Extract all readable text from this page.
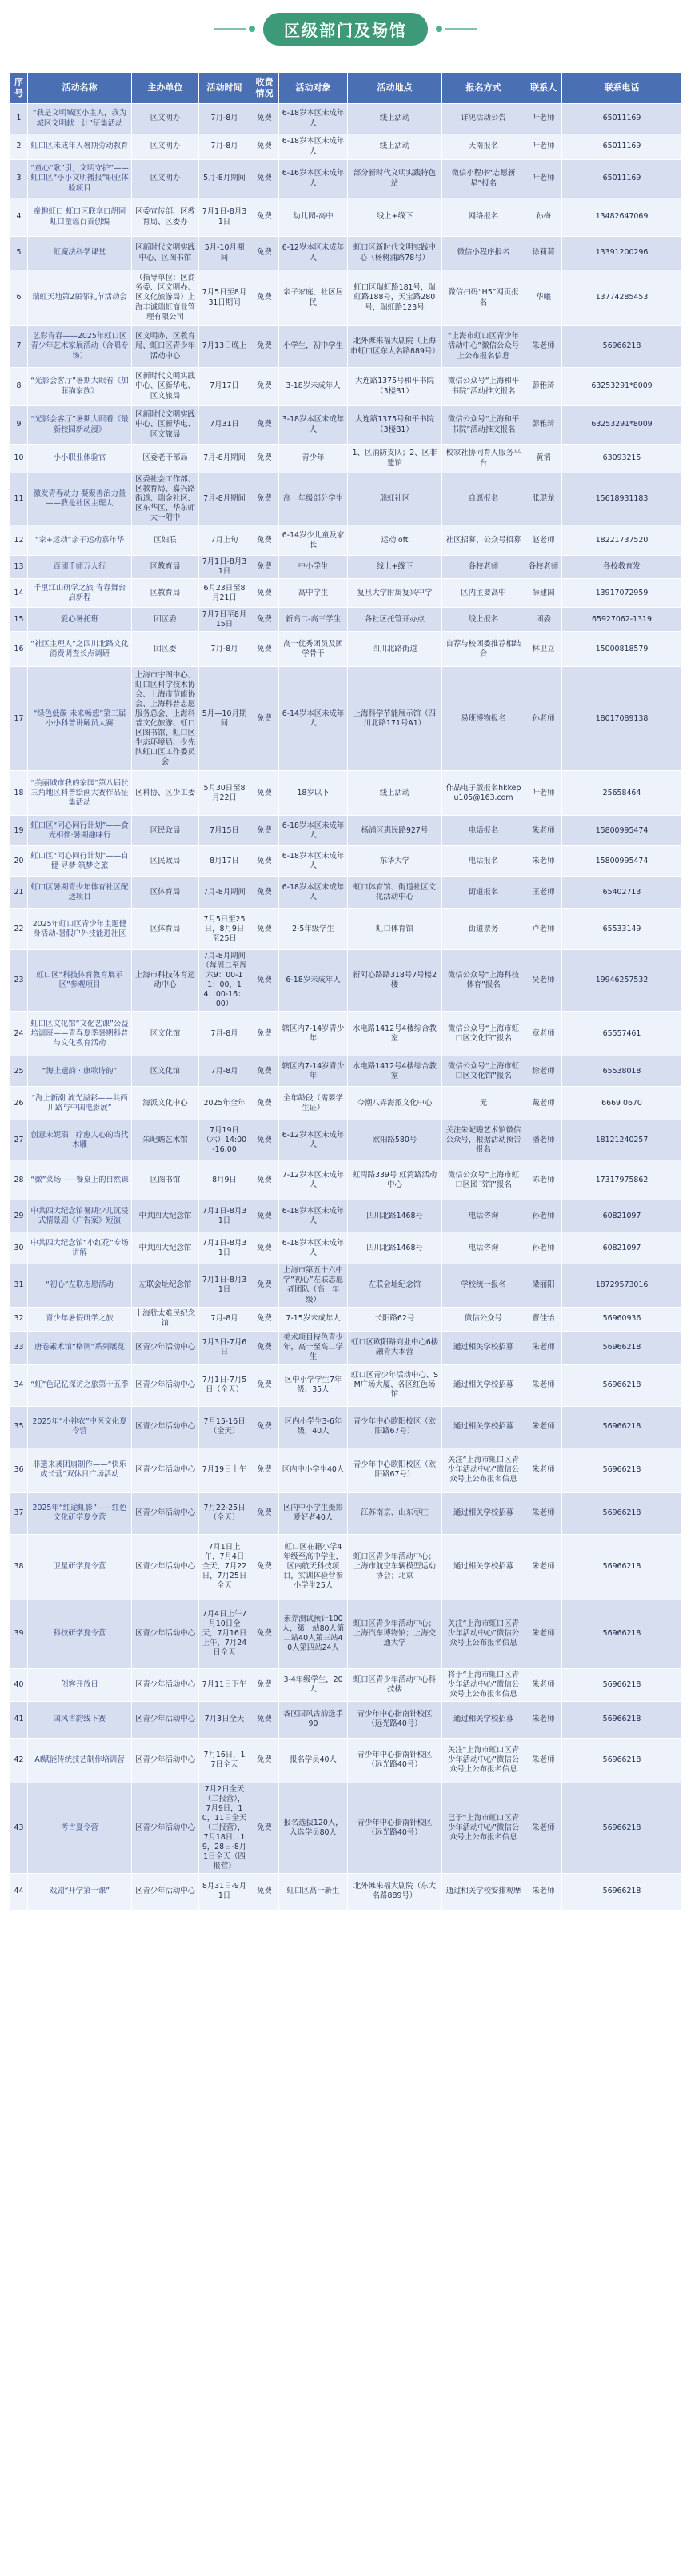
区级部门及场馆
序号	活动名称	主办单位	活动时间	收费情况	活动对象	活动地点	报名方式	联系人	联系电话
1	“我是文明城区小主人，我为城区文明献一计”征集活动	区文明办	7月-8月	免费	6-18岁本区未成年人	线上活动	详见活动公告	叶老师	65011169
2	虹口区未成年人暑期劳动教育	区文明办	7月-8月	免费	6-18岁本区未成年人	线上活动	天南报名	叶老师	65011169
3	“童心“歌”引，文明守护”——虹口区“小小文明播报”职业体验项目	区文明办	5月-8月期间	免费	6-16岁本区未成年人	部分新时代文明实践特色站	微信小程序“志愿新星”报名	叶老师	65011169
4	童趣虹口 虹口区联享口胡同虹口童谣百首创编	区委宣传部、区教育局、区委办	7月1日-8月31日	免费	幼儿园-高中	线上+线下	网络报名	孙梅	13482647069
5	虹魔法科学课堂	区新时代文明实践中心、区图书馆	5月-10月期间	免费	6-12岁本区未成年人	虹口区新时代文明实践中心（杨树浦路78号）	微信小程序报名	徐莉莉	13391200296
6	瑞虹天地第2届邻礼节活动会	（指导单位：区商务委、区文明办、区文化旅游局）上海丰诚瑞虹商业管理有限公司	7月5日至8月31日期间	免费	亲子家庭，社区居民	虹口区瑞虹路181号，瑞虹路188号，天宝路280号，瑞虹路123号	微信扫码“H5”网页报名	华曦	13774285453
7	艺彩青春——2025年虹口区青少年艺术家展活动（合唱专场）	区文明办、区教育局、虹口区青少年活动中心	7月13日晚上	免费	小学生，初中学生	北外滩来福大剧院（上海市虹口区东大名路889号）	“上海市虹口区青少年活动中心”微信公众号上公布报名信息	朱老师	56966218
8	“光影会客厅”暑期大眼看《加菲猫家族》	区新时代文明实践中心、区新华电、区文旅局	7月17日	免费	3-18岁未成年人	大连路1375号和平书院（3楼B1）	微信公众号“上海和平书院”活动推文报名	彭雅琦	63253291*8009
9	“光影会客厅”暑期大眼看《最新校园新动漫》	区新时代文明实践中心、区新华电、区文旅局	7月31日	免费	3-18岁本区未成年人	大连路1375号和平书院（3楼B1）	微信公众号“上海和平书院”活动推文报名	彭雅琦	63253291*8009
10	小小职业体验官	区委老干部局	7月-8月期间	免费	青少年	1、区消防支队；2、区非遗馆	校家社协同育人服务平台	黄滔	63093215
11	激发青春动力 凝聚善治力量——我是社区主理人	区委社会工作部、区教育局、嘉兴路街道、瑞金社区、区东华区、华东师大一附中	7月-8月期间	免费	高一年级部分学生	瑞虹社区	自愿报名	张琨龙	15618931183
12	“家+运动”亲子运动嘉年华	区妇联	7月上旬	免费	6-14岁少儿童及家长	运动loft	社区招募、公众号招募	赵老师	18221737520
13	百团千师万人行	区教育局	7月1日-8月31日	免费	中小学生	线上+线下	各校老师	各校老师	各校教育发
14	千里江山研学之旅 青春舞台启新程	区教育局	6月23日至8月21日	免费	高中学生	复旦大学附属复兴中学	区内主要高中	薛建国	13917072959
15	爱心暑托班	团区委	7月7日至8月15日	免费	新高二-高三学生	各社区托管开办点	线上报名	团委	65927062-1319
16	“社区主理人”之四川北路文化消费调查长点调研	团区委	7月-8月	免费	高一优秀团员及团学骨干	四川北路街道	自荐与校团委推荐相结合	林卫立	15000818579
17	“绿色低碳 未来畅想”第三届小小科普讲解员大赛	上海市宇图中心、虹口区科学技术协会、上海市节能协会、上海科普志愿服务总会、上海科普文化旅游、虹口区图书馆、虹口区生态环境局、少先队虹口区工作委员会	5月—10月期间	免费	6-14岁本区未成年人	上海科学节能展示馆（四川北路171号A1）	易班博物报名	孙老师	18017089138
18	“美丽城市我的家园”第八届长三角地区科普绘画大赛作品征集活动	区科协、区少工委	5月30日至8月22日	免费	18岁以下	线上活动	作品电子版报名hkkepu105@163.com	叶老师	25658464
19	虹口区“同心同行计划”——食光相伴·暑期趣味行	区民政局	7月15日	免费	6-18岁本区未成年人	杨浦区惠民路927号	电话报名	朱老师	15800995474
20	虹口区“同心同行计划”——自健·寻梦·筑梦之旅	区民政局	8月17日	免费	6-18岁本区未成年人	东华大学	电话报名	朱老师	15800995474
21	虹口区暑期青少年体育社区配送项目	区体育局	7月-8月期间	免费	6-18岁本区未成年人	虹口体育馆、街道社区文化活动中心	街道报名	王老师	65402713
22	2025年虹口区青少年主题健身活动-暑假户外技能进社区	区体育局	7月5日至25日，8月9日至25日	免费	2-5年级学生	虹口体育馆	街道票务	卢老师	65533149
23	虹口区“科技体育教育展示区”参观项目	上海市科技体育运动中心	7月-8月期间（每周二至周六9：00-11：00，14：00-16：00）	免费	6-18岁未成年人	新阿心路路318号7号楼2楼	微信公众号“上海科技体育”报名	吴老师	19946257532
24	虹口区文化馆“文化艺课”公益培训班——青春夏季暑期科普与文化教育活动	区文化馆	7月-8月	免费	辖区内7-14岁青少年	水电路1412号4楼综合教室	微信公众号“上海市虹口区文化馆”报名	章老师	65557461
25	“海上遗韵 · 康歌诗韵”	区文化馆	7月-8月	免费	辖区内7-14岁青少年	水电路1412号4楼综合教室	微信公众号“上海市虹口区文化馆”报名	徐老师	65538018
26	“海上新潮 流光溢彩——共西川路与中国电影展”	海派文化中心	2025年全年	免费	全年龄段（需要学生证）	今潮八弄海派文化中心	无	戴老师	6669 0670
27	创意未妮瑙：疗愈人心的当代木雕	朱屺瞻艺术馆	7月19日（六）14:00-16:00	免费	6-12岁本区未成年人	欧阳路580号	关注朱屺瞻艺术馆微信公众号，根据活动预告报名	潘老师	18121240257
28	“微”菜场——餐桌上的自然课	区图书馆	8月9日	免费	7-12岁本区未成年人	虹湾路339号 虹湾路活动中心	微信公众号“上海市虹口区图书馆”报名	陈老师	17317975862
29	中共四大纪念馆暑期少儿沉浸式情景剧《广告案》短演	中共四大纪念馆	7月1日-8月31日	免费	6-18岁本区未成年人	四川北路1468号	电话咨询	孙老师	60821097
30	中共四大纪念馆“小红花”专场讲解	中共四大纪念馆	7月1日-8月31日	免费	6-18岁本区未成年人	四川北路1468号	电话咨询	孙老师	60821097
31	“初心”左联志愿活动	左联会址纪念馆	7月1日-8月31日	免费	上海市第五十六中学“初心”左联志愿者团队（高一年级）	左联会址纪念馆	学校统一报名	梁丽阳	18729573016
32	青少年暑假研学之旅	上海犹太难民纪念馆	7月-8月	免费	7-15岁未成年人	长阳路62号	微信公众号	曹佳怡	56960936
33	唐卷素术馆“格调”系列展览	区青少年活动中心	7月3日-7月6日	免费	美术项目特色青少年，高一至高二学生	虹口区欧阳路商业中心6楼 融青大本营	通过相关学校招募	朱老师	56966218
34	“虹”色记忆探访之旅第十五季	区青少年活动中心	7月1日-7月5日（全天）	免费	区中小学学生7年级、35人	虹口区青少年活动中心、SM广场大厦、各区红色场馆	通过相关学校招募	朱老师	56966218
35	2025年“小神农”中医文化夏令营	区青少年活动中心	7月15-16日（全天）	免费	区内小学生3-6年级，40人	青少年中心欧阳校区（欧阳路67号）	通过相关学校招募	朱老师	56966218
36	非遗来袭团扇制作——“快乐成长营”双休日广场活动	区青少年活动中心	7月19日上午	免费	区内中小学生40人	青少年中心欧阳校区（欧阳路67号）	关注“上海市虹口区青少年活动中心”微信公众号上公布报名信息	朱老师	56966218
37	2025年“红途虹影”——红色文化研学夏令营	区青少年活动中心	7月22-25日（全天）	免费	区内中小学生摄影爱好者40人	江苏南京、山东枣庄	通过相关学校招募	朱老师	56966218
38	卫星研学夏令营	区青少年活动中心	7月1日上午，7月4日全天，7月22日，7月25日全天	免费	虹口区在籍小学4年级至高中学生，区内航天科技项目，实训体验营参小学生25人	虹口区青少年活动中心；上海市航空车辆模型运动协会；北京	通过相关学校招募	朱老师	56966218
39	科技研学夏令营	区青少年活动中心	7月4日上午7月10日全天，7月16日上午，7月24日全天	免费	素养测试预计100人，第一站80人第二站40人第三站40人第四站24人	虹口区青少年活动中心；上海汽车博物馆；上海交通大学	关注“上海市虹口区青少年活动中心”微信公众号上公布报名信息	朱老师	56966218
40	创客开放日	区青少年活动中心	7月11日下午	免费	3-4年级学生，20人	虹口区青少年活动中心科技楼	将于“上海市虹口区青少年活动中心”微信公众号上公布报名信息	朱老师	56966218
41	国风古韵线下赛	区青少年活动中心	7月3日全天	免费	各区国风古韵选手90	青少年中心指南针校区（远光路40号）	通过相关学校招募	朱老师	56966218
42	AI赋能传统技艺制作培训营	区青少年活动中心	7月16日，17日全天	免费	报名学员40人	青少年中心指南针校区（远光路40号）	关注“上海市虹口区青少年活动中心”微信公众号上公布报名信息	朱老师	56966218
43	考古夏令营	区青少年活动中心	7月2日全天（二报营），7月9日，10，11日全天（三报营），7月18日，19，28日-8月1日全天（四报营）	免费	报名选拔120人，入选学员80人	青少年中心指南针校区（远光路40号）	已于“上海市虹口区青少年活动中心”微信公众号上公布报名信息	朱老师	56966218
44	戏剧“开学第一课”	区青少年活动中心	8月31日-9月1日	免费	虹口区高一新生	北外滩来福大剧院（东大名路889号）	通过相关学校安排观摩	朱老师	56966218
